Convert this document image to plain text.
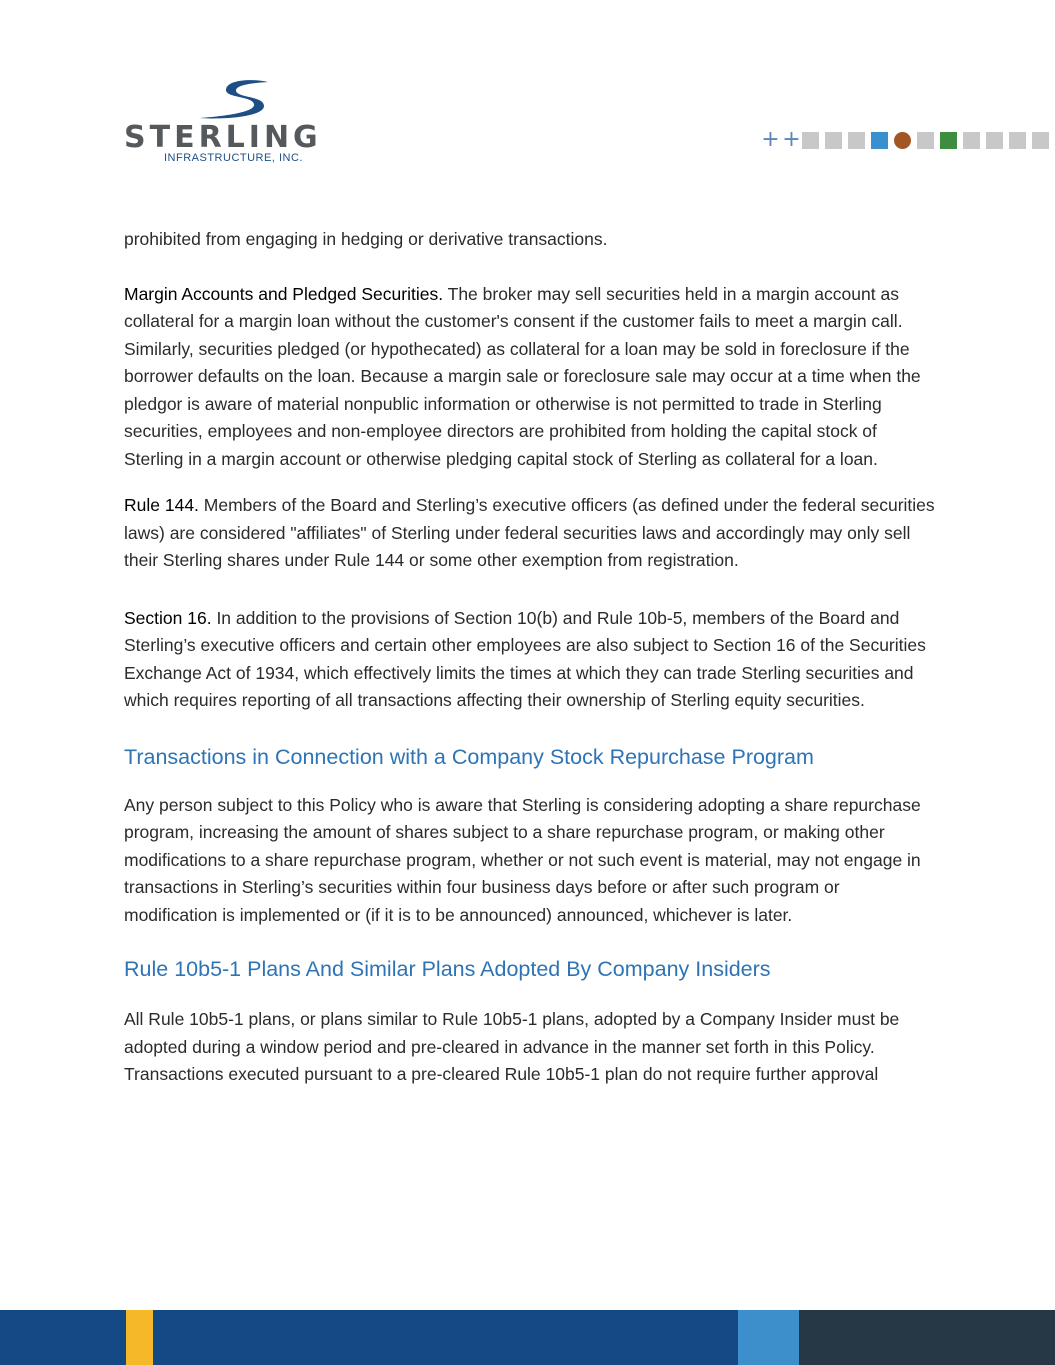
STERLING
INFRASTRUCTURE, INC.
+ +

prohibited from engaging in hedging or derivative transactions.

Margin Accounts and Pledged Securities. The broker may sell securities held in a margin account as collateral for a margin loan without the customer's consent if the customer fails to meet a margin call. Similarly, securities pledged (or hypothecated) as collateral for a loan may be sold in foreclosure if the borrower defaults on the loan. Because a margin sale or foreclosure sale may occur at a time when the pledgor is aware of material nonpublic information or otherwise is not permitted to trade in Sterling securities, employees and non-employee directors are prohibited from holding the capital stock of Sterling in a margin account or otherwise pledging capital stock of Sterling as collateral for a loan.

Rule 144. Members of the Board and Sterling’s executive officers (as defined under the federal securities laws) are considered "affiliates" of Sterling under federal securities laws and accordingly may only sell their Sterling shares under Rule 144 or some other exemption from registration.

Section 16. In addition to the provisions of Section 10(b) and Rule 10b-5, members of the Board and Sterling’s executive officers and certain other employees are also subject to Section 16 of the Securities Exchange Act of 1934, which effectively limits the times at which they can trade Sterling securities and which requires reporting of all transactions affecting their ownership of Sterling equity securities.

Transactions in Connection with a Company Stock Repurchase Program

Any person subject to this Policy who is aware that Sterling is considering adopting a share repurchase program, increasing the amount of shares subject to a share repurchase program, or making other modifications to a share repurchase program, whether or not such event is material, may not engage in transactions in Sterling’s securities within four business days before or after such program or modification is implemented or (if it is to be announced) announced, whichever is later.

Rule 10b5-1 Plans And Similar Plans Adopted By Company Insiders

All Rule 10b5-1 plans, or plans similar to Rule 10b5-1 plans, adopted by a Company Insider must be adopted during a window period and pre-cleared in advance in the manner set forth in this Policy. Transactions executed pursuant to a pre-cleared Rule 10b5-1 plan do not require further approval
